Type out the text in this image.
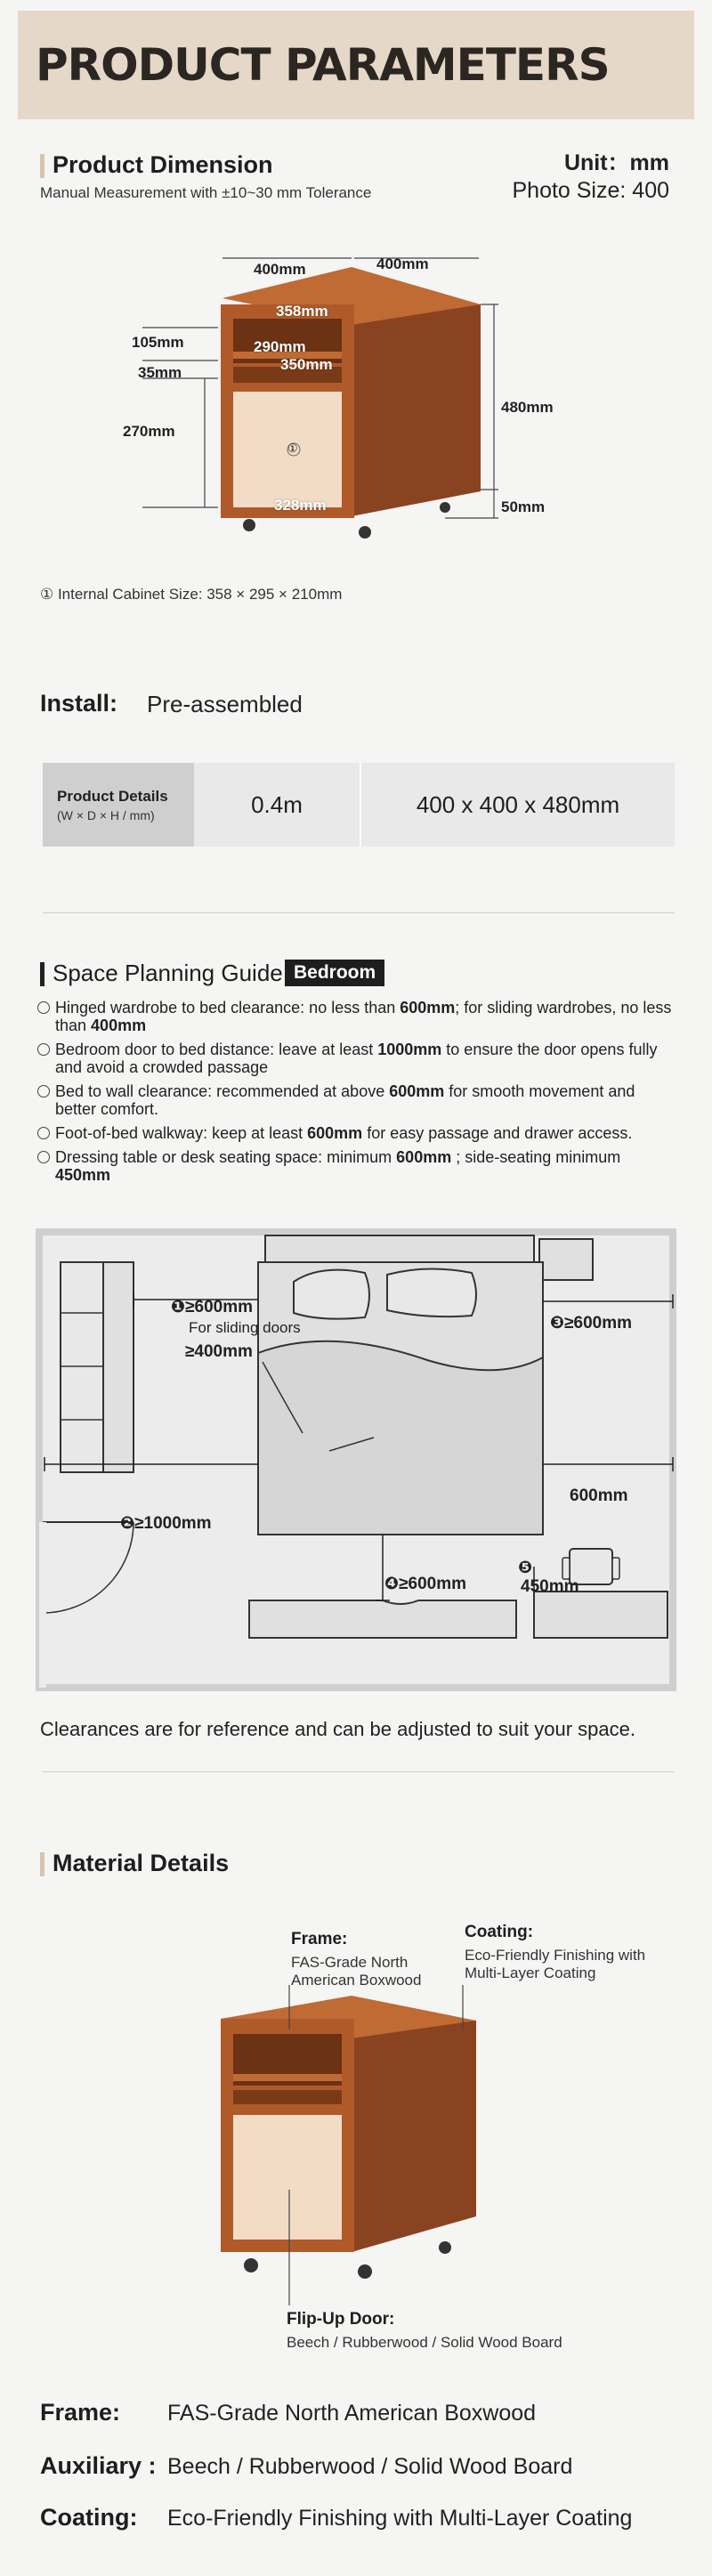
PRODUCT PARAMETERS
Product Dimension
Manual Measurement with ±10~30 mm Tolerance
Unit：mm
Photo Size: 400
400mm	400mm
358mm
290mm
350mm
328mm
105mm
35mm
270mm
480mm
50mm
①
① Internal Cabinet Size: 358 × 295 × 210mm
Install: Pre-assembled
Product Details
(W × D × H / mm)	0.4m	400 x 400 x 480mm
Space Planning Guide Bedroom
Hinged wardrobe to bed clearance: no less than 600mm; for sliding wardrobes, no less than 400mm
Bedroom door to bed distance: leave at least 1000mm to ensure the door opens fully and avoid a crowded passage
Bed to wall clearance: recommended at above 600mm for smooth movement and better comfort.
Foot-of-bed walkway: keep at least 600mm for easy passage and drawer access.
Dressing table or desk seating space: minimum 600mm ; side-seating minimum 450mm
❶≥600mm
For sliding doors
≥400mm
❸≥600mm
❷≥1000mm
600mm
❹≥600mm
❺
450mm
Clearances are for reference and can be adjusted to suit your space.
Material Details
Frame:
FAS-Grade North
American Boxwood
Coating:
Eco-Friendly Finishing with
Multi-Layer Coating
Flip-Up Door:
Beech / Rubberwood / Solid Wood Board
Frame: FAS-Grade North American Boxwood
Auxiliary : Beech / Rubberwood / Solid Wood Board
Coating: Eco-Friendly Finishing with Multi-Layer Coating
